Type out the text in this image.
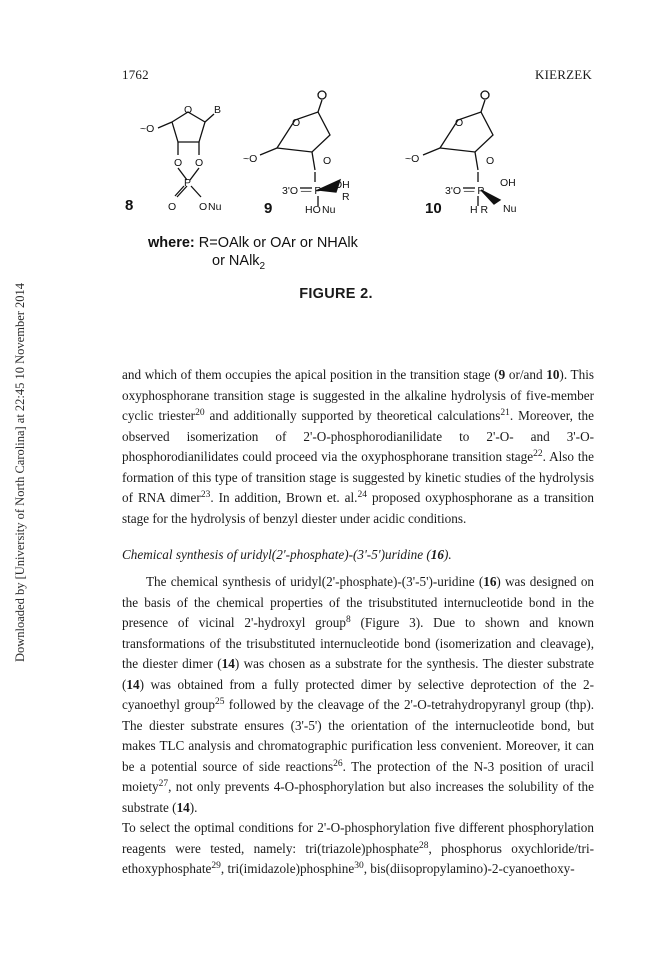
1762	KIERZEK
Downloaded by [University of North Carolina] at 22:45 10 November 2014
~O
O B
O O
P
O O Nu
8
~O
O
O
3'O — P OH
R
HO Nu
9
~O
O
O
3'O — P
OH
Nu
H R
10
where: R=OAlk or OAr or NHAlk
or NAlk$_2$
FIGURE 2.

and which of them occupies the apical position in the transition stage (9 or/and 10). This oxyphosphorane transition stage is suggested in the alkaline hydrolysis of five-member cyclic triester$^{20}$ and additionally supported by theoretical calculations$^{21}$. Moreover, the observed isomerization of 2'-O-phosphorodianilidate to 2'-O- and 3'-O-phosphorodianilidates could proceed via the oxyphosphorane transition stage$^{22}$. Also the formation of this type of transition stage is suggested by kinetic studies of the hydrolysis of RNA dimer$^{23}$. In addition, Brown et. al.$^{24}$ proposed oxyphosphorane as a transition stage for the hydrolysis of benzyl diester under acidic conditions.

Chemical synthesis of uridyl(2'-phosphate)-(3'-5')uridine (16).

The chemical synthesis of uridyl(2'-phosphate)-(3'-5')-uridine (16) was designed on the basis of the chemical properties of the trisubstituted internucleotide bond in the presence of vicinal 2'-hydroxyl group$^8$ (Figure 3). Due to shown and known transformations of the trisubstituted internucleotide bond (isomerization and cleavage), the diester dimer (14) was chosen as a substrate for the synthesis. The diester substrate (14) was obtained from a fully protected dimer by selective deprotection of the 2-cyanoethyl group$^{25}$ followed by the cleavage of the 2'-O-tetrahydropyranyl group (thp). The diester substrate ensures (3'-5') the orientation of the internucleotide bond, but makes TLC analysis and chromatographic purification less convenient. Moreover, it can be a potential source of side reactions$^{26}$. The protection of the N-3 position of uracil moiety$^{27}$, not only prevents 4-O-phosphorylation but also increases the solubility of the substrate (14).

To select the optimal conditions for 2'-O-phosphorylation five different phosphorylation reagents were tested, namely: tri(triazole)phosphate$^{28}$, phosphorus oxychloride/tri-ethoxyphosphate$^{29}$, tri(imidazole)phosphine$^{30}$, bis(diisopropylamino)-2-cyanoethoxy-
